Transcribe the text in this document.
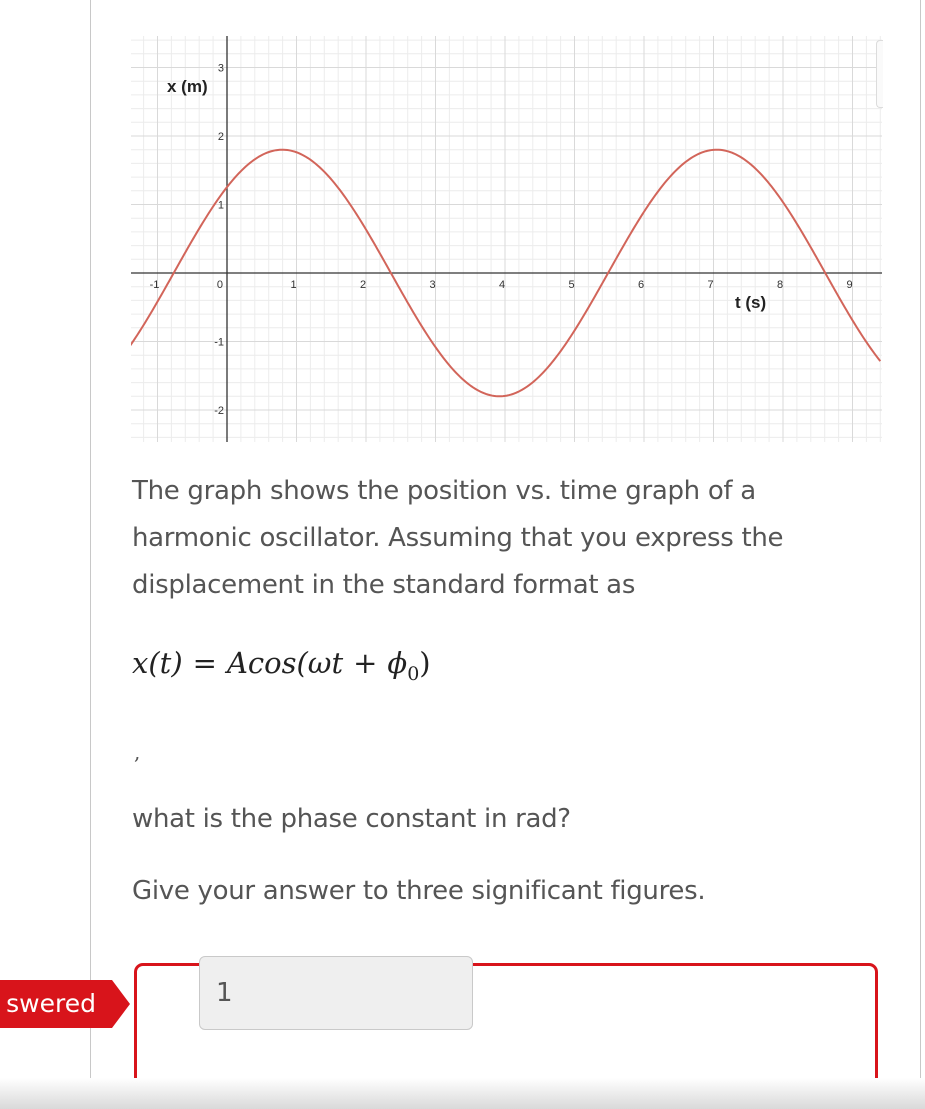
-1	0	1	2	3	4	5	6	7	8	9
-2
-1
1
2
3
x (m)
t (s)
The graph shows the position vs. time graph of a harmonic oscillator. Assuming that you express the displacement in the standard format as
$x(t) = Acos(\omega t + \phi_0)$
,
what is the phase constant in rad?
Give your answer to three significant figures.
swered
1
